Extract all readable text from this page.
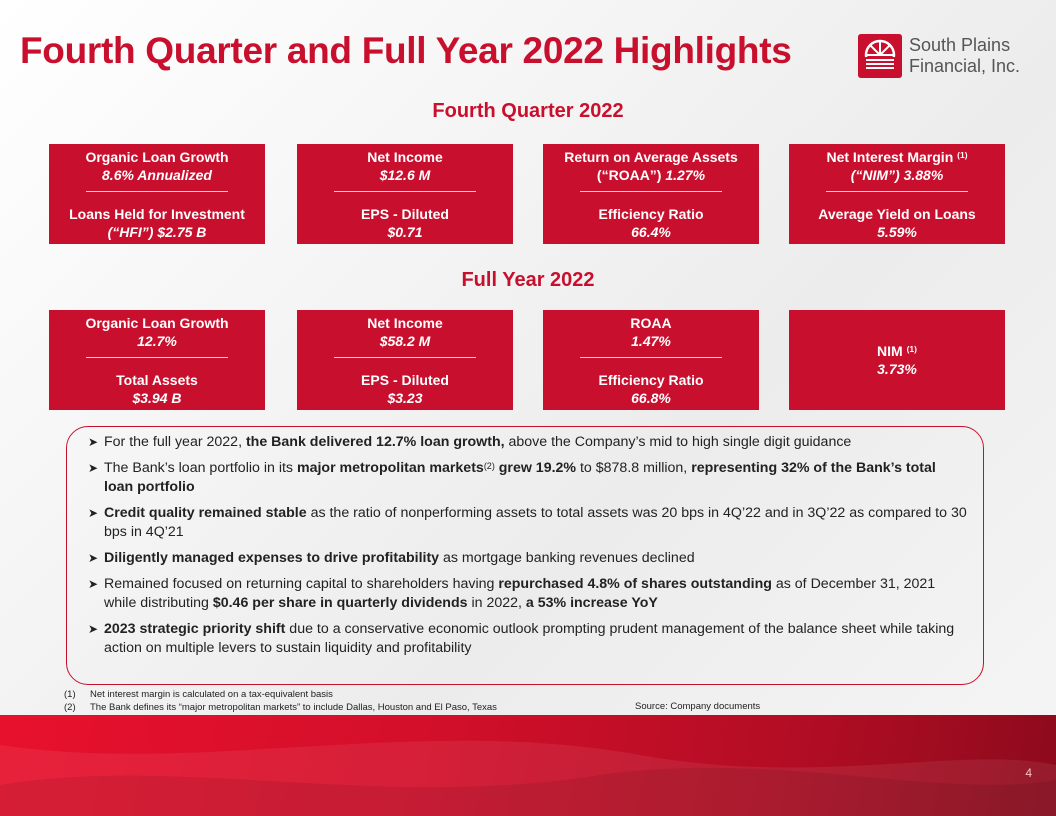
Fourth Quarter and Full Year 2022 Highlights	South Plains
Financial, Inc.
Fourth Quarter 2022
Organic Loan Growth
8.6% Annualized
Loans Held for Investment
(“HFI”) $2.75 B
Net Income
$12.6 M
EPS - Diluted
$0.71
Return on Average Assets
(“ROAA”) 1.27%
Efficiency Ratio
66.4%
Net Interest Margin $^{(1)}$
(“NIM”) 3.88%
Average Yield on Loans
5.59%
Full Year 2022
Organic Loan Growth
12.7%
Total Assets
$3.94 B
Net Income
$58.2 M
EPS - Diluted
$3.23
ROAA
1.47%
Efficiency Ratio
66.8%
NIM $^{(1)}$
3.73%
➤ For the full year 2022, the Bank delivered 12.7% loan growth, above the Company’s mid to high single digit guidance
➤ The Bank’s loan portfolio in its major metropolitan markets$^{(2)}$ grew 19.2% to $878.8 million, representing 32% of the Bank’s total loan portfolio
➤ Credit quality remained stable as the ratio of nonperforming assets to total assets was 20 bps in 4Q’22 and in 3Q’22 as compared to 30 bps in 4Q’21
➤ Diligently managed expenses to drive profitability as mortgage banking revenues declined
➤ Remained focused on returning capital to shareholders having repurchased 4.8% of shares outstanding as of December 31, 2021 while distributing $0.46 per share in quarterly dividends in 2022, a 53% increase YoY
➤ 2023 strategic priority shift due to a conservative economic outlook prompting prudent management of the balance sheet while taking action on multiple levers to sustain liquidity and profitability
(1) Net interest margin is calculated on a tax-equivalent basis
(2) The Bank defines its “major metropolitan markets” to include Dallas, Houston and El Paso, Texas	Source: Company documents
4
